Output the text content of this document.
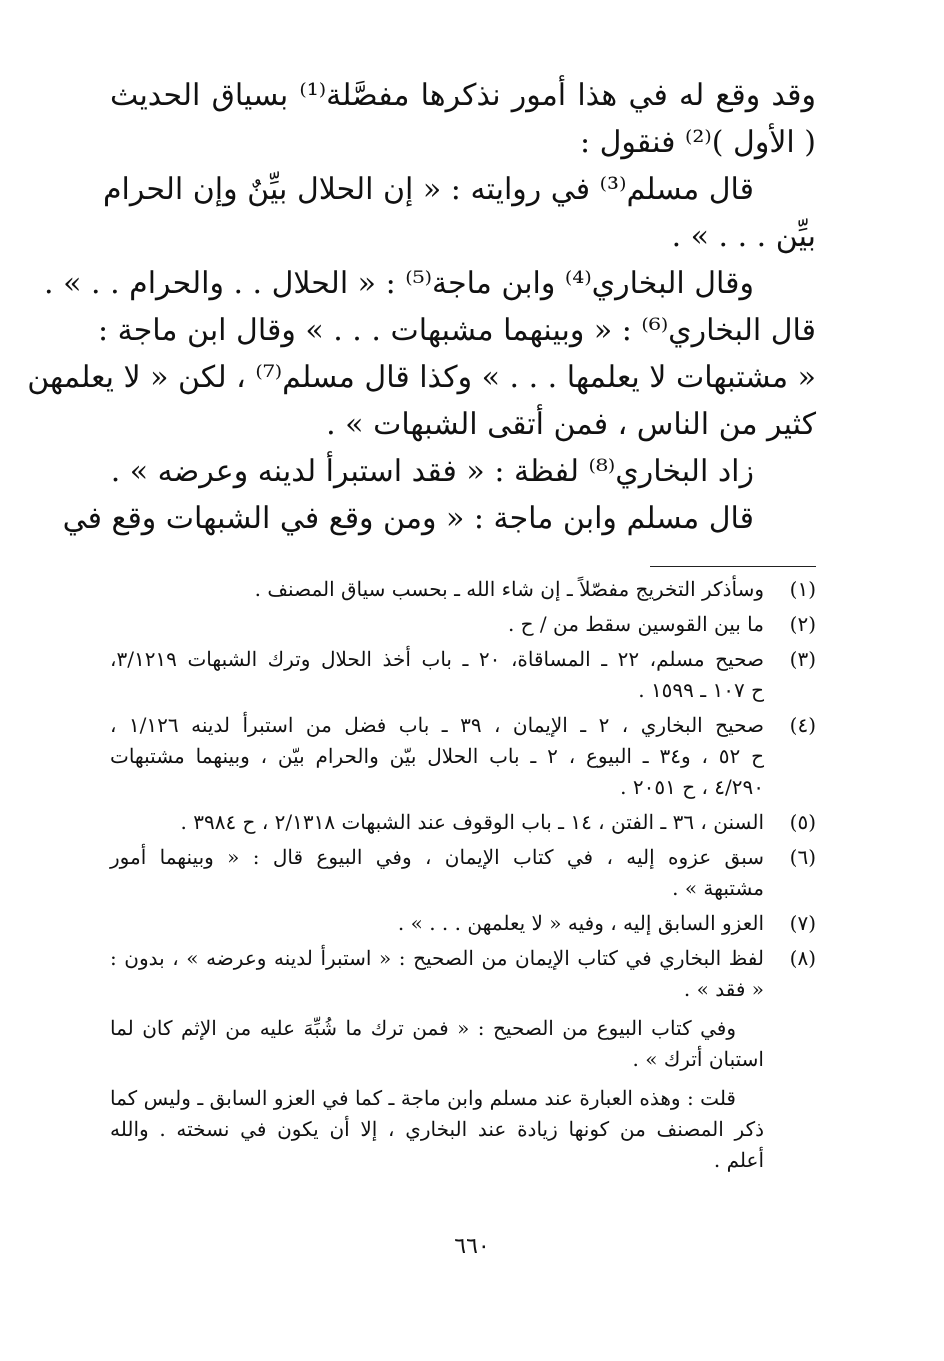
وقد وقع له في هذا أمور نذكرها مفصَّلة⁽¹⁾ بسياق الحديث
( الأول )⁽²⁾ فنقول :
قال مسلم⁽³⁾ في روايته : « إن الحلال بيِّنٌ وإن الحرام
بيِّن . . . » .
وقال البخاري⁽⁴⁾ وابن ماجة⁽⁵⁾ : « الحلال . . والحرام . . » .
قال البخاري⁽⁶⁾ : « وبينهما مشبهات . . . » وقال ابن ماجة :
« مشتبهات لا يعلمها . . . » وكذا قال مسلم⁽⁷⁾ ، لكن « لا يعلمهن
كثير من الناس ، فمن أتقى الشبهات » .
زاد البخاري⁽⁸⁾ لفظة : « فقد استبرأ لدينه وعرضه » .
قال مسلم وابن ماجة : « ومن وقع في الشبهات وقع في
(١)
وسأذكر التخريج مفصّلاً ـ إن شاء الله ـ بحسب سياق المصنف .
(٢)
ما بين القوسين سقط من / ح .
(٣)
صحيح مسلم، ٢٢ ـ المساقاة، ٢٠ ـ باب أخذ الحلال وترك الشبهات ٣/١٢١٩،
ح ١٠٧ ـ ١٥٩٩ .
(٤)
صحيح البخاري ، ٢ ـ الإيمان ، ٣٩ ـ باب فضل من استبرأ لدينه ١/١٢٦ ،
ح ٥٢ ، و٣٤ ـ البيوع ، ٢ ـ باب الحلال بيّن والحرام بيّن ، وبينهما مشتبهات
٤/٢٩٠ ، ح ٢٠٥١ .
(٥)
السنن ، ٣٦ ـ الفتن ، ١٤ ـ باب الوقوف عند الشبهات ٢/١٣١٨ ، ح ٣٩٨٤ .
(٦)
سبق عزوه إليه ، في كتاب الإيمان ، وفي البيوع قال : « وبينهما أمور
مشتبهة » .
(٧)
العزو السابق إليه ، وفيه « لا يعلمهن . . . » .
(٨)
لفظ البخاري في كتاب الإيمان من الصحيح : « استبرأ لدينه وعرضه » ، بدون :
« فقد » .
وفي كتاب البيوع من الصحيح : « فمن ترك ما شُبِّهَ عليه من الإثم كان لما
استبان أترك » .
قلت : وهذه العبارة عند مسلم وابن ماجة ـ كما في العزو السابق ـ وليس كما
ذكر المصنف من كونها زيادة عند البخاري ، إلا أن يكون في نسخته . والله
أعلم .
٦٦٠
